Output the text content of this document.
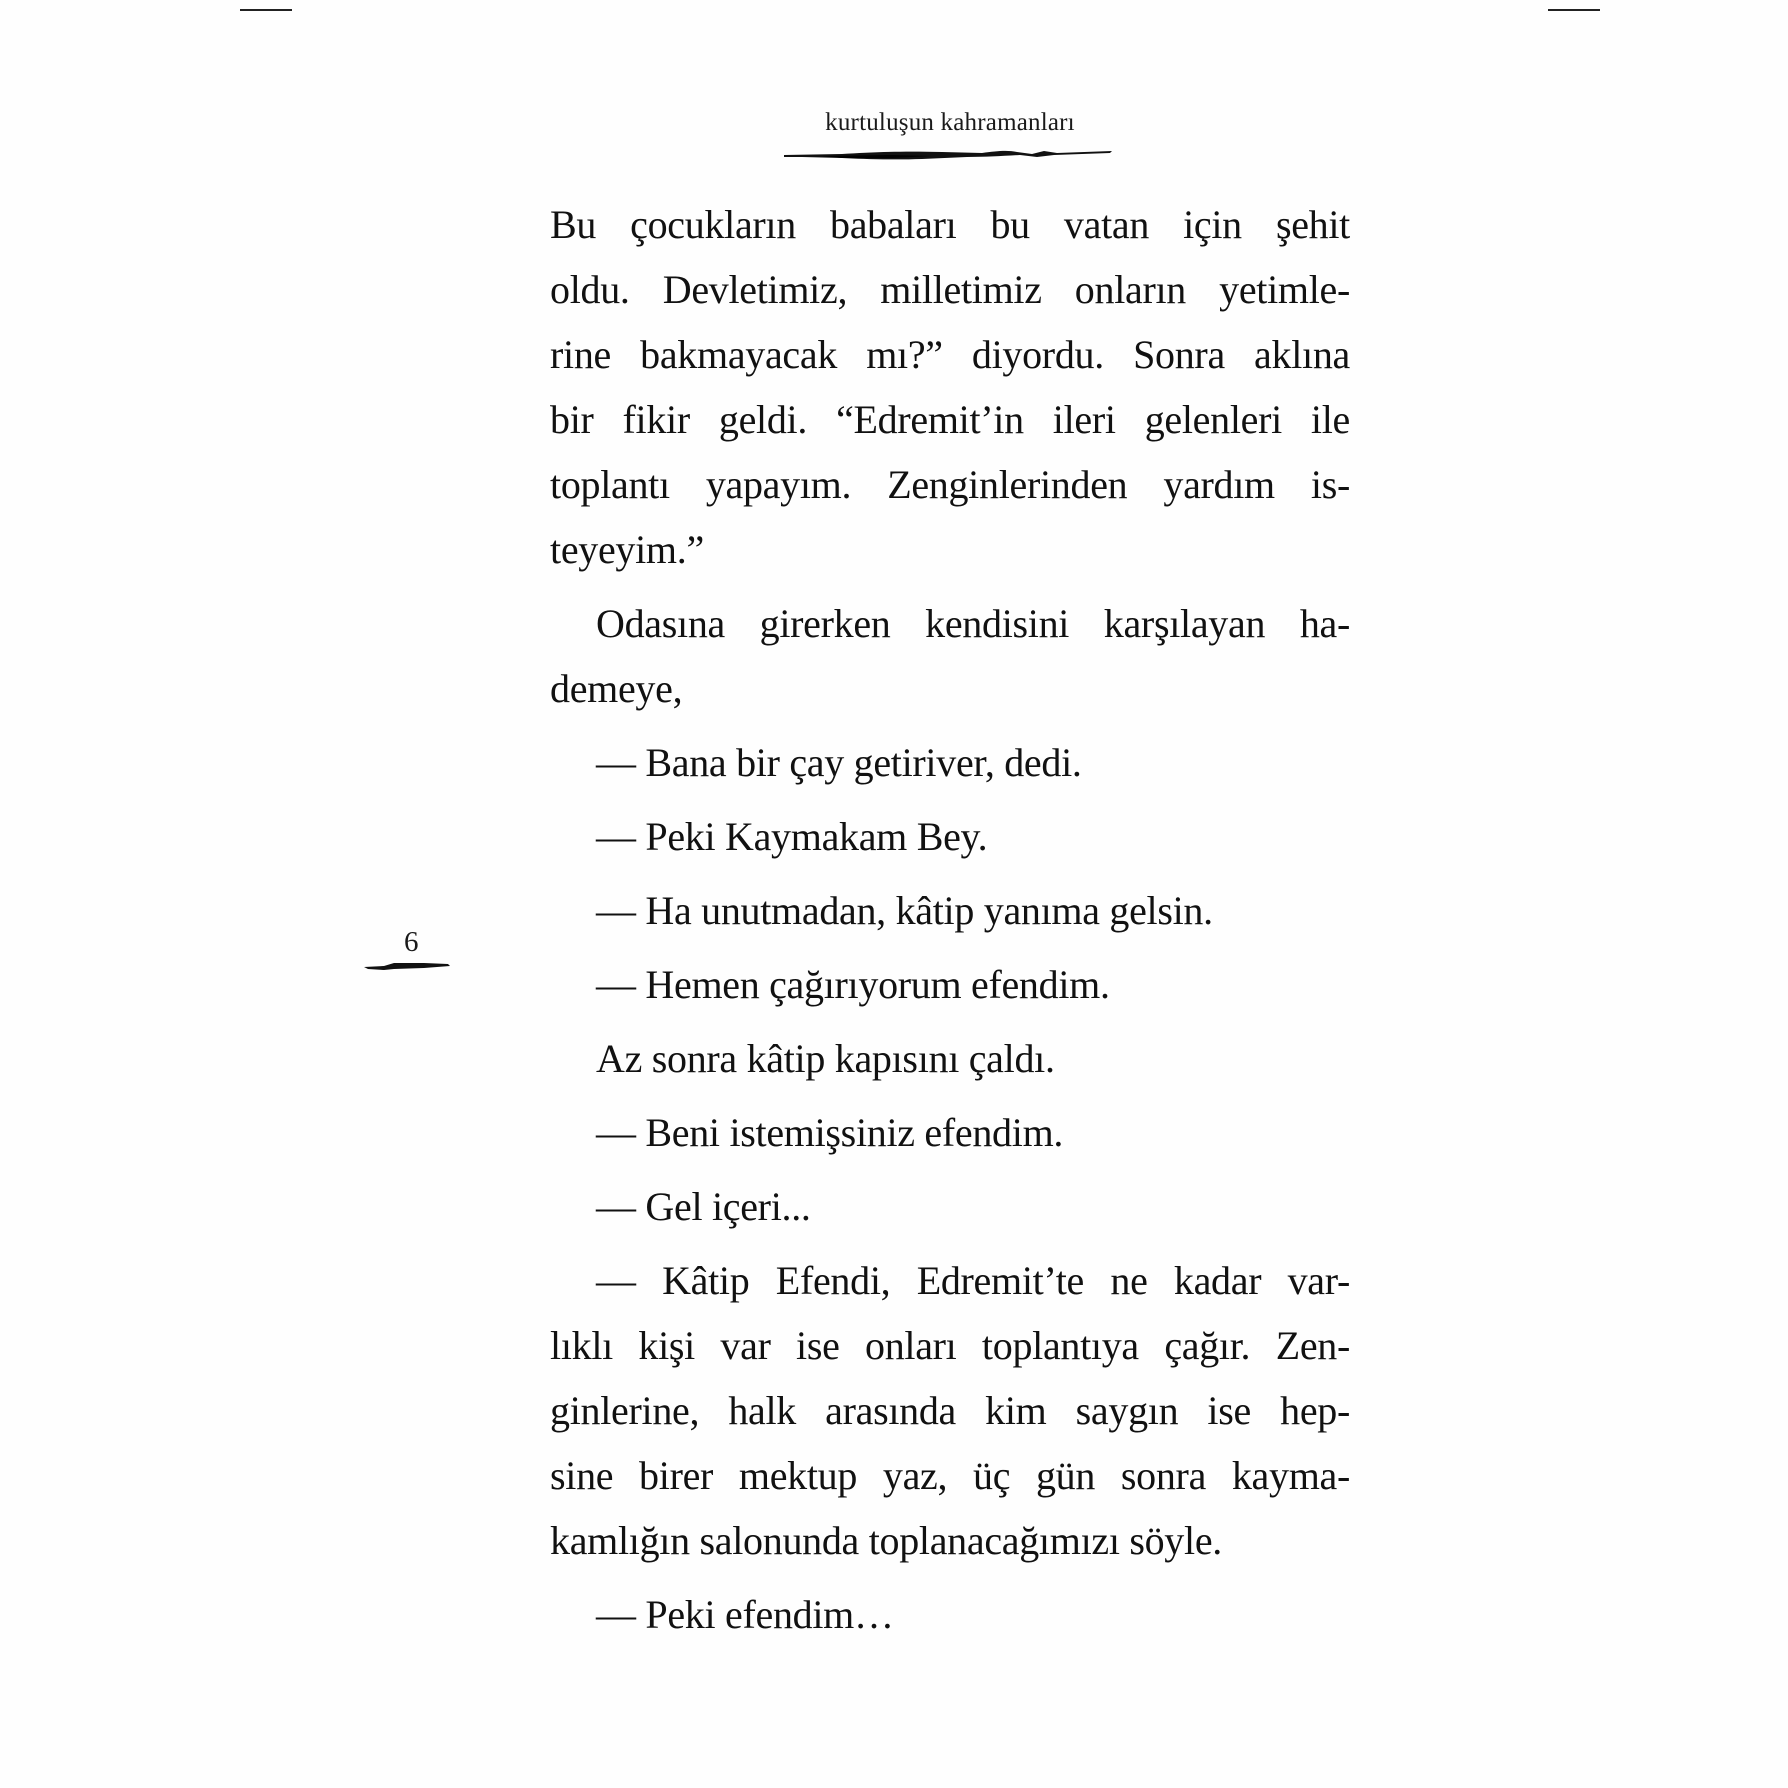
kurtuluşun kahramanları
6
Bu çocukların babaları bu vatan için şehit
oldu. Devletimiz, milletimiz onların yetimle-
rine bakmayacak mı?” diyordu. Sonra aklına
bir fikir geldi. “Edremit’in ileri gelenleri ile
toplantı yapayım. Zenginlerinden yardım is-
teyeyim.”
Odasına girerken kendisini karşılayan ha-
demeye,
— Bana bir çay getiriver, dedi.
— Peki Kaymakam Bey.
— Ha unutmadan, kâtip yanıma gelsin.
— Hemen çağırıyorum efendim.
Az sonra kâtip kapısını çaldı.
— Beni istemişsiniz efendim.
— Gel içeri...
— Kâtip Efendi, Edremit’te ne kadar var-
lıklı kişi var ise onları toplantıya çağır. Zen-
ginlerine, halk arasında kim saygın ise hep-
sine birer mektup yaz, üç gün sonra kayma-
kamlığın salonunda toplanacağımızı söyle.
— Peki efendim…
